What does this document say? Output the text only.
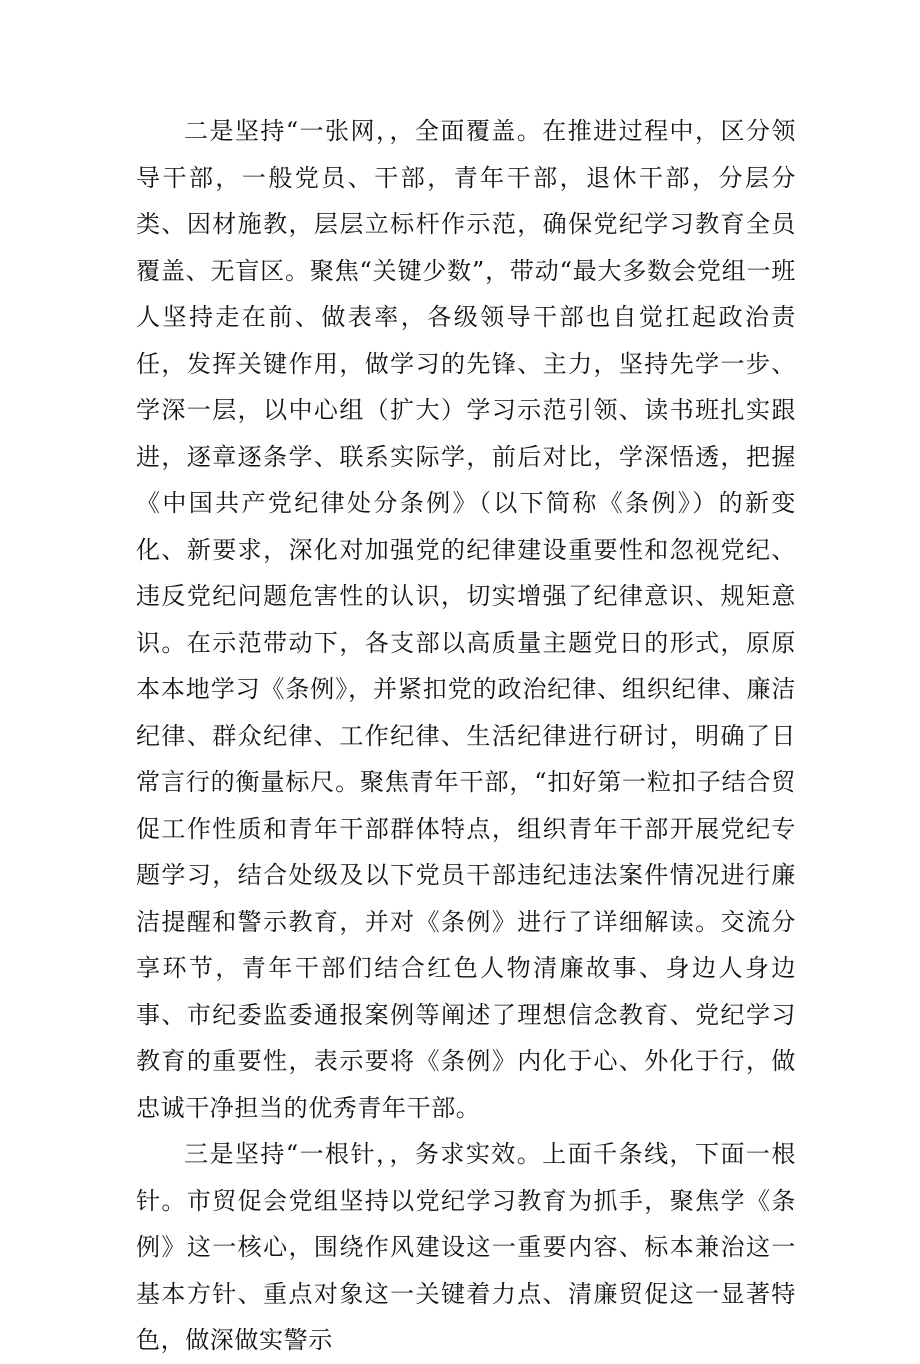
二是坚持“一张网，，全面覆盖。在推进过程中，区分领导干部，一般党员、干部，青年干部，退休干部，分层分类、因材施教，层层立标杆作示范，确保党纪学习教育全员覆盖、无盲区。聚焦“关键少数”，带动“最大多数会党组一班人坚持走在前、做表率，各级领导干部也自觉扛起政治责任，发挥关键作用，做学习的先锋、主力，坚持先学一步、学深一层，以中心组（扩大）学习示范引领、读书班扎实跟进，逐章逐条学、联系实际学，前后对比，学深悟透，把握《中国共产党纪律处分条例》（以下简称《条例》）的新变化、新要求，深化对加强党的纪律建设重要性和忽视党纪、违反党纪问题危害性的认识，切实增强了纪律意识、规矩意识。在示范带动下，各支部以高质量主题党日的形式，原原本本地学习《条例》，并紧扣党的政治纪律、组织纪律、廉洁纪律、群众纪律、工作纪律、生活纪律进行研讨，明确了日常言行的衡量标尺。聚焦青年干部，“扣好第一粒扣子结合贸促工作性质和青年干部群体特点，组织青年干部开展党纪专题学习，结合处级及以下党员干部违纪违法案件情况进行廉洁提醒和警示教育，并对《条例》进行了详细解读。交流分享环节，青年干部们结合红色人物清廉故事、身边人身边事、市纪委监委通报案例等阐述了理想信念教育、党纪学习教育的重要性，表示要将《条例》内化于心、外化于行，做忠诚干净担当的优秀青年干部。

三是坚持“一根针，，务求实效。上面千条线，下面一根针。市贸促会党组坚持以党纪学习教育为抓手，聚焦学《条例》这一核心，围绕作风建设这一重要内容、标本兼治这一基本方针、重点对象这一关键着力点、清廉贸促这一显著特色，做深做实警示
